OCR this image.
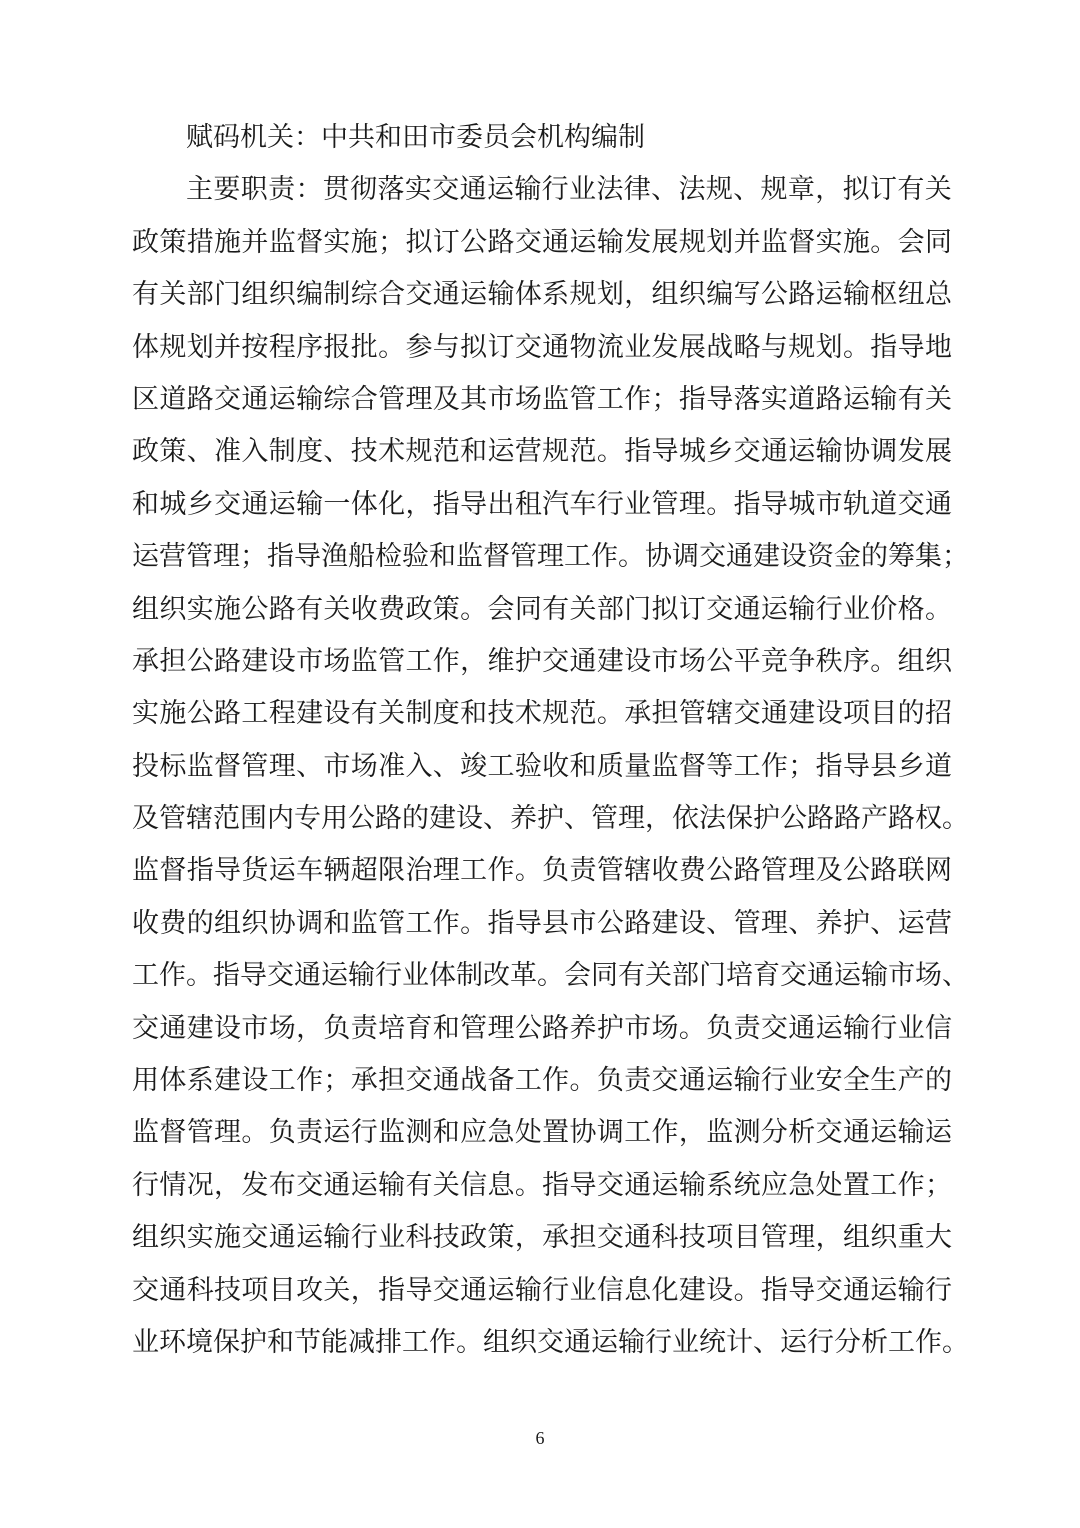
赋码机关：中共和田市委员会机构编制
主 要 职 责 ： 贯 彻 落 实 交 通 运 输 行 业 法 律 、 法 规 、 规 章 ， 拟 订 有 关
政 策 措 施 并 监 督 实 施 ； 拟 订 公 路 交 通 运 输 发 展 规 划 并 监 督 实 施 。 会 同
有 关 部 门 组 织 编 制 综 合 交 通 运 输 体 系 规 划 ， 组 织 编 写 公 路 运 输 枢 纽 总
体 规 划 并 按 程 序 报 批 。 参 与 拟 订 交 通 物 流 业 发 展 战 略 与 规 划 。 指 导 地
区 道 路 交 通 运 输 综 合 管 理 及 其 市 场 监 管 工 作 ； 指 导 落 实 道 路 运 输 有 关
政 策 、 准 入 制 度 、 技 术 规 范 和 运 营 规 范 。 指 导 城 乡 交 通 运 输 协 调 发 展
和 城 乡 交 通 运 输 一 体 化 ， 指 导 出 租 汽 车 行 业 管 理 。 指 导 城 市 轨 道 交 通
运 营 管 理 ； 指 导 渔 船 检 验 和 监 督 管 理 工 作 。 协 调 交 通 建 设 资 金 的 筹 集 ；
组 织 实 施 公 路 有 关 收 费 政 策 。 会 同 有 关 部 门 拟 订 交 通 运 输 行 业 价 格 。
承 担 公 路 建 设 市 场 监 管 工 作 ， 维 护 交 通 建 设 市 场 公 平 竞 争 秩 序 。 组 织
实 施 公 路 工 程 建 设 有 关 制 度 和 技 术 规 范 。 承 担 管 辖 交 通 建 设 项 目 的 招
投 标 监 督 管 理 、 市 场 准 入 、 竣 工 验 收 和 质 量 监 督 等 工 作 ； 指 导 县 乡 道
及 管 辖 范 围 内 专 用 公 路 的 建 设 、 养 护 、 管 理 ， 依 法 保 护 公 路 路 产 路 权 。
监 督 指 导 货 运 车 辆 超 限 治 理 工 作 。 负 责 管 辖 收 费 公 路 管 理 及 公 路 联 网
收 费 的 组 织 协 调 和 监 管 工 作 。 指 导 县 市 公 路 建 设 、 管 理 、 养 护 、 运 营
工 作 。 指 导 交 通 运 输 行 业 体 制 改 革 。 会 同 有 关 部 门 培 育 交 通 运 输 市 场 、
交 通 建 设 市 场 ， 负 责 培 育 和 管 理 公 路 养 护 市 场 。 负 责 交 通 运 输 行 业 信
用 体 系 建 设 工 作 ； 承 担 交 通 战 备 工 作 。 负 责 交 通 运 输 行 业 安 全 生 产 的
监 督 管 理 。 负 责 运 行 监 测 和 应 急 处 置 协 调 工 作 ， 监 测 分 析 交 通 运 输 运
行 情 况 ， 发 布 交 通 运 输 有 关 信 息 。 指 导 交 通 运 输 系 统 应 急 处 置 工 作 ；
组 织 实 施 交 通 运 输 行 业 科 技 政 策 ， 承 担 交 通 科 技 项 目 管 理 ， 组 织 重 大
交 通 科 技 项 目 攻 关 ， 指 导 交 通 运 输 行 业 信 息 化 建 设 。 指 导 交 通 运 输 行
业 环 境 保 护 和 节 能 减 排 工 作 。 组 织 交 通 运 输 行 业 统 计 、 运 行 分 析 工 作 。
6
